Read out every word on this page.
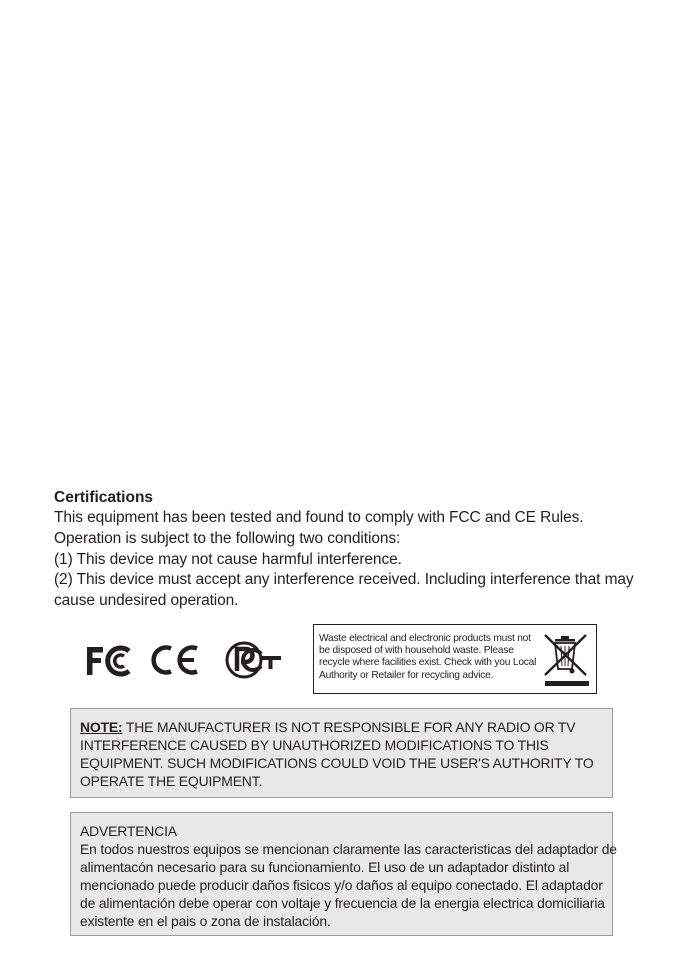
Certifications

This equipment has been tested and found to comply with FCC and CE Rules.

Operation is subject to the following two conditions:

(1) This device may not cause harmful interference.

(2) This device must accept any interference received. Including interference that may

cause undesired operation.

Waste electrical and electronic products must not
be disposed of with household waste. Please
recycle where facilities exist. Check with you Local
Authority or Retailer for recycling advice.

NOTE: THE MANUFACTURER IS NOT RESPONSIBLE FOR ANY RADIO OR TV

INTERFERENCE CAUSED BY UNAUTHORIZED MODIFICATIONS TO THIS

EQUIPMENT. SUCH MODIFICATIONS COULD VOID THE USER'S AUTHORITY TO

OPERATE THE EQUIPMENT.

ADVERTENCIA

En todos nuestros equipos se mencionan claramente las caracteristicas del adaptador de

alimentacón necesario para su funcionamiento. El uso de un adaptador distinto al

mencionado puede producir daños fisicos y/o daños al equipo conectado. El adaptador

de alimentación debe operar con voltaje y frecuencia de la energia electrica domiciliaria

existente en el pais o zona de instalación.
